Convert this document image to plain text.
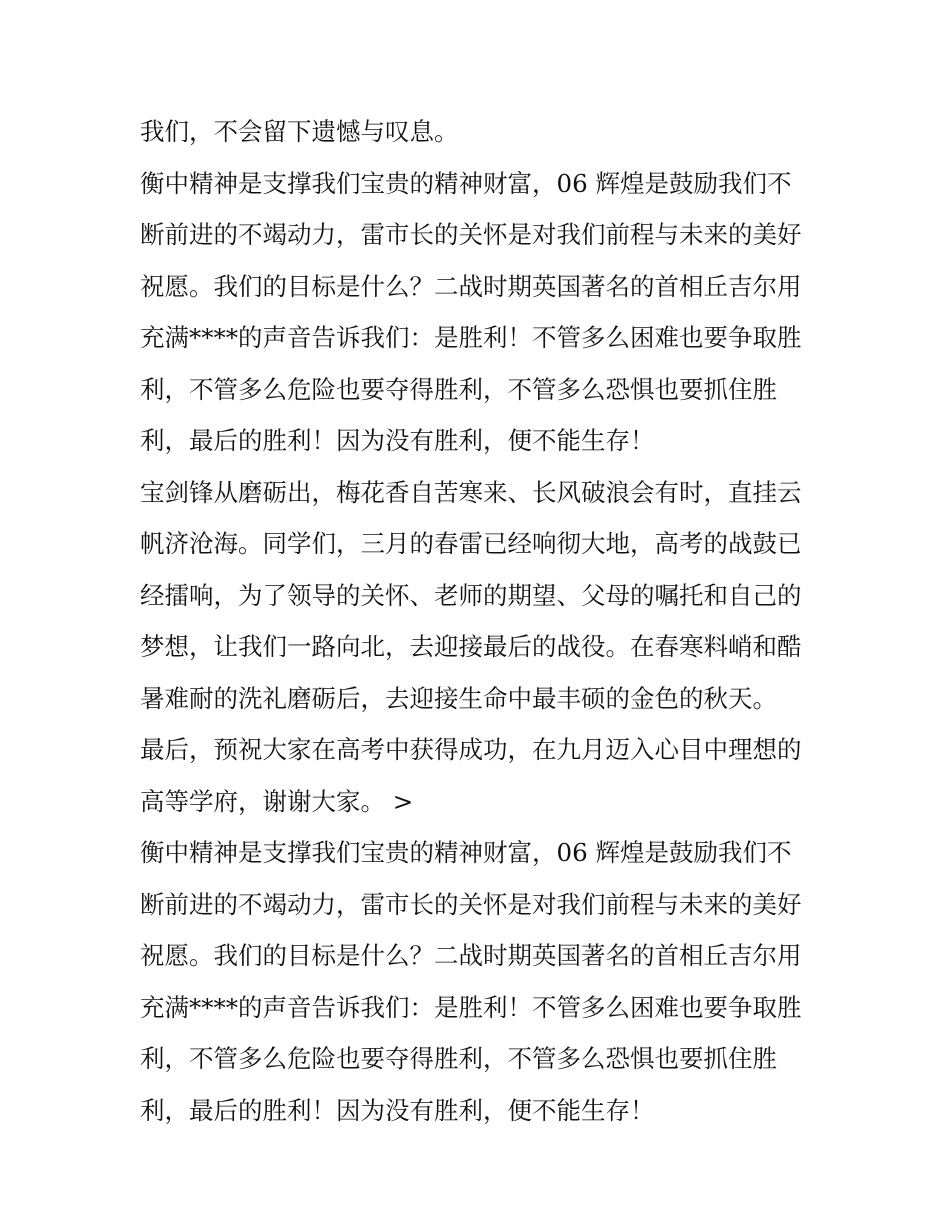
我们，不会留下遗憾与叹息。
衡中精神是支撑我们宝贵的精神财富，06 辉煌是鼓励我们不
断前进的不竭动力，雷市长的关怀是对我们前程与未来的美好
祝愿。我们的目标是什么？二战时期英国著名的首相丘吉尔用
充满****的声音告诉我们：是胜利！不管多么困难也要争取胜
利，不管多么危险也要夺得胜利，不管多么恐惧也要抓住胜
利，最后的胜利！因为没有胜利，便不能生存！
宝剑锋从磨砺出，梅花香自苦寒来、长风破浪会有时，直挂云
帆济沧海。同学们，三月的春雷已经响彻大地，高考的战鼓已
经擂响，为了领导的关怀、老师的期望、父母的嘱托和自己的
梦想，让我们一路向北，去迎接最后的战役。在春寒料峭和酷
暑难耐的洗礼磨砺后，去迎接生命中最丰硕的金色的秋天。
最后，预祝大家在高考中获得成功，在九月迈入心目中理想的
高等学府，谢谢大家。 >
衡中精神是支撑我们宝贵的精神财富，06 辉煌是鼓励我们不
断前进的不竭动力，雷市长的关怀是对我们前程与未来的美好
祝愿。我们的目标是什么？二战时期英国著名的首相丘吉尔用
充满****的声音告诉我们：是胜利！不管多么困难也要争取胜
利，不管多么危险也要夺得胜利，不管多么恐惧也要抓住胜
利，最后的胜利！因为没有胜利，便不能生存！
